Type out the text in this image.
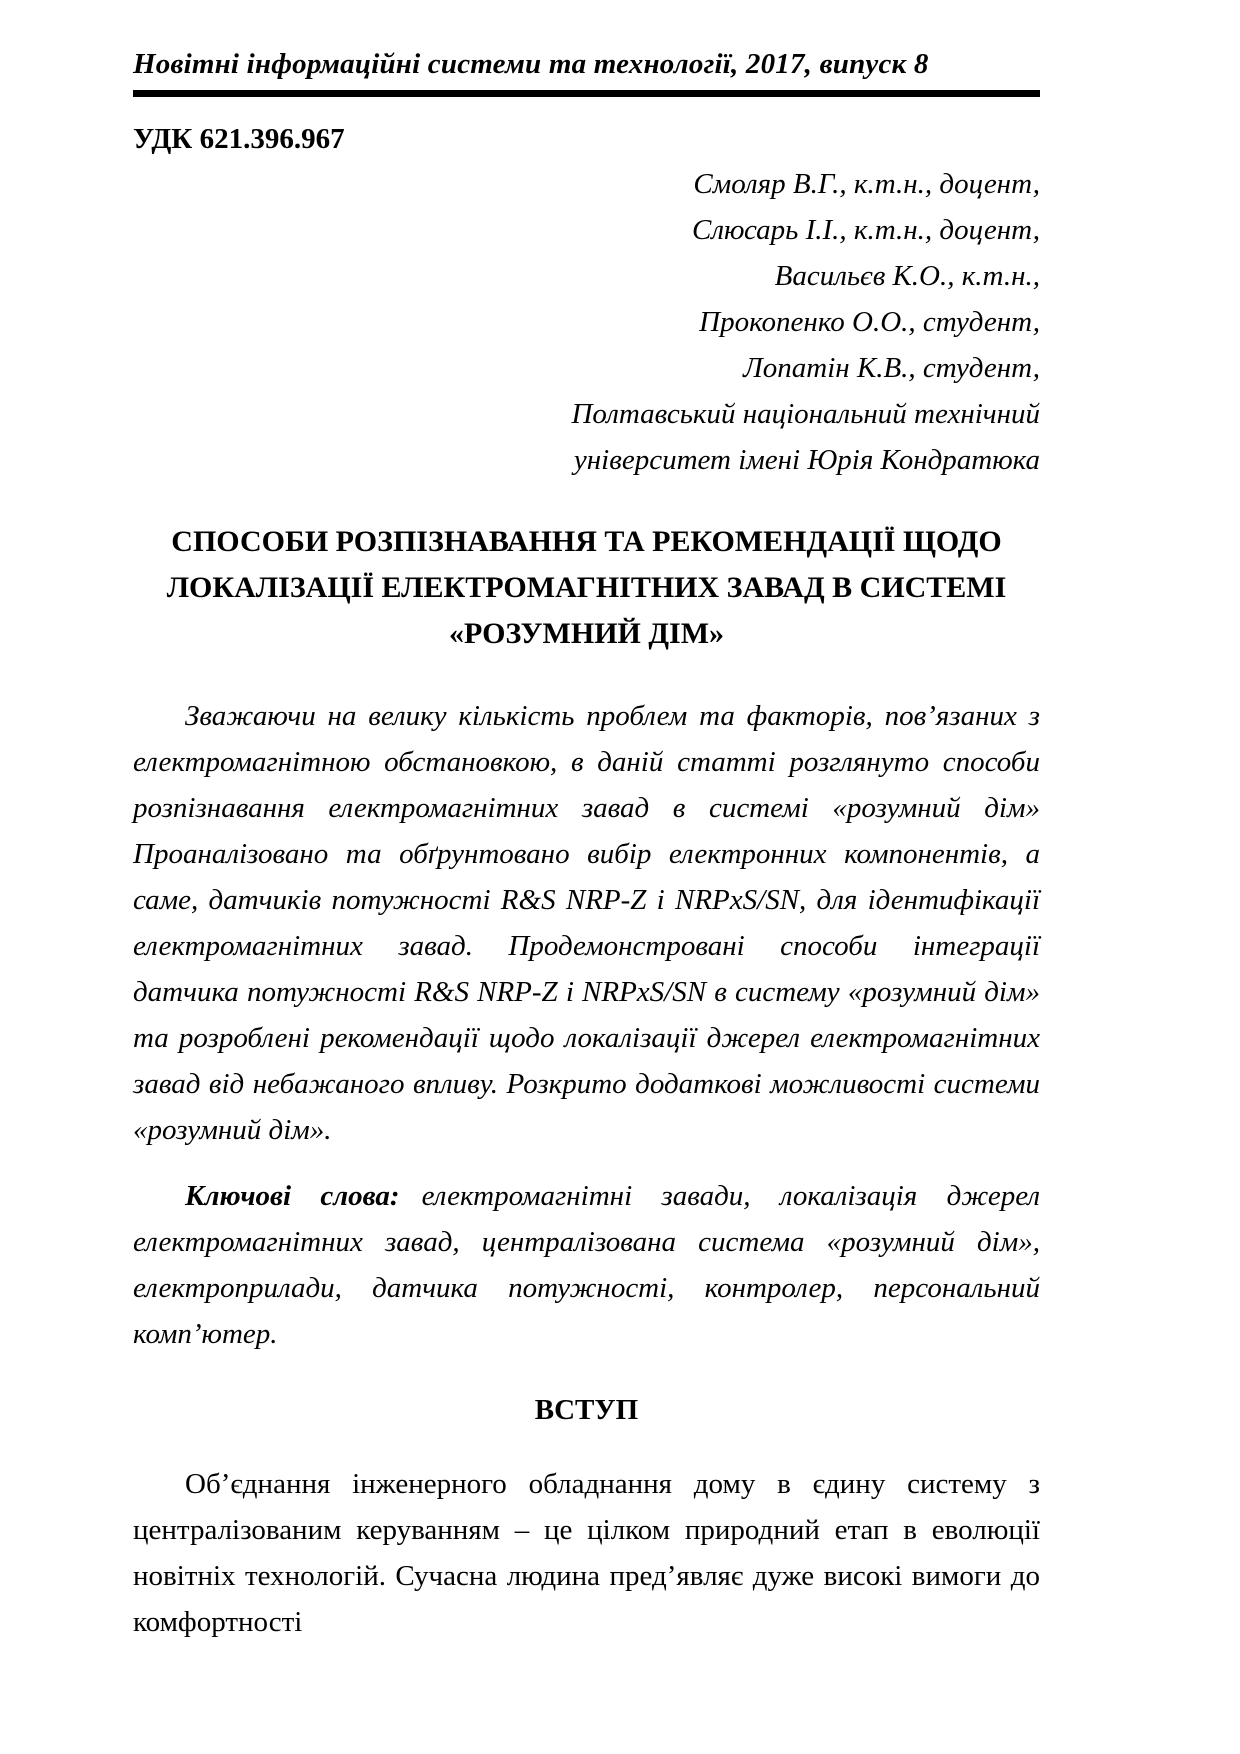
Новітні інформаційні системи та технології, 2017, випуск 8
УДК 621.396.967
Смоляр В.Г., к.т.н., доцент,
Слюсарь І.І., к.т.н., доцент,
Васильєв К.О., к.т.н.,
Прокопенко О.О., студент,
Лопатін К.В., студент,
Полтавський національний технічний
університет імені Юрія Кондратюка
СПОСОБИ РОЗПІЗНАВАННЯ ТА РЕКОМЕНДАЦІЇ ЩОДО
ЛОКАЛІЗАЦІЇ ЕЛЕКТРОМАГНІТНИХ ЗАВАД В СИСТЕМІ
«РОЗУМНИЙ ДІМ»

Зважаючи на велику кількість проблем та факторів, пов’язаних з електромагнітною обстановкою, в даній статті розглянуто способи розпізнавання електромагнітних завад в системі «розумний дім» Проаналізовано та обґрунтовано вибір електронних компонентів, а саме, датчиків потужності R&S NRP-Z і NRPxS/SN, для ідентифікації електромагнітних завад. Продемонстровані способи інтеграції датчика потужності R&S NRP-Z і NRPxS/SN в систему «розумний дім» та розроблені рекомендації щодо локалізації джерел електромагнітних завад від небажаного впливу. Розкрито додаткові можливості системи «розумний дім».

Ключові слова: електромагнітні завади, локалізація джерел електромагнітних завад, централізована система «розумний дім», електроприлади, датчика потужності, контролер, персональний комп’ютер.

ВСТУП

Об’єднання інженерного обладнання дому в єдину систему з централізованим керуванням – це цілком природний етап в еволюції новітніх технологій. Сучасна людина пред’являє дуже високі вимоги до комфортності
